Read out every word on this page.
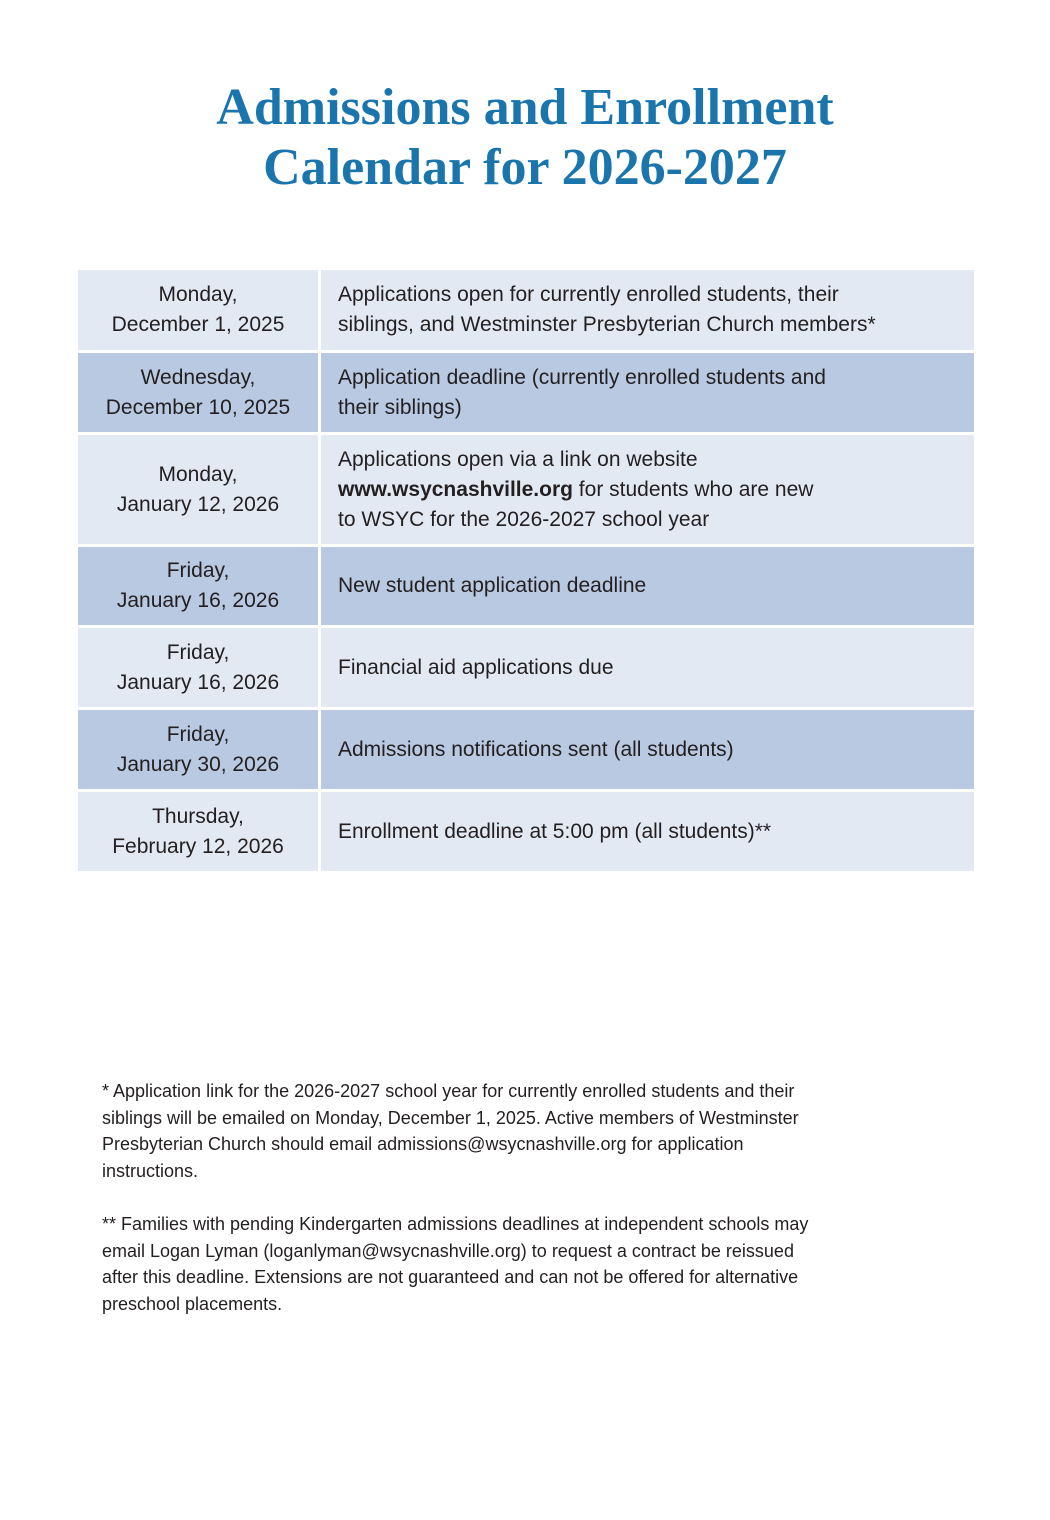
Admissions and Enrollment
Calendar for 2026-2027
Monday,
December 1, 2025
Applications open for currently enrolled students, their
siblings, and Westminster Presbyterian Church members*
Wednesday,
December 10, 2025
Application deadline (currently enrolled students and
their siblings)
Monday,
January 12, 2026
Applications open via a link on website
www.wsycnashville.org for students who are new
to WSYC for the 2026-2027 school year
Friday,
January 16, 2026
New student application deadline
Friday,
January 16, 2026
Financial aid applications due
Friday,
January 30, 2026
Admissions notifications sent (all students)
Thursday,
February 12, 2026
Enrollment deadline at 5:00 pm (all students)**

* Application link for the 2026-2027 school year for currently enrolled students and their
siblings will be emailed on Monday, December 1, 2025. Active members of Westminster
Presbyterian Church should email admissions@wsycnashville.org for application
instructions.

** Families with pending Kindergarten admissions deadlines at independent schools may
email Logan Lyman (loganlyman@wsycnashville.org) to request a contract be reissued
after this deadline. Extensions are not guaranteed and can not be offered for alternative
preschool placements.
